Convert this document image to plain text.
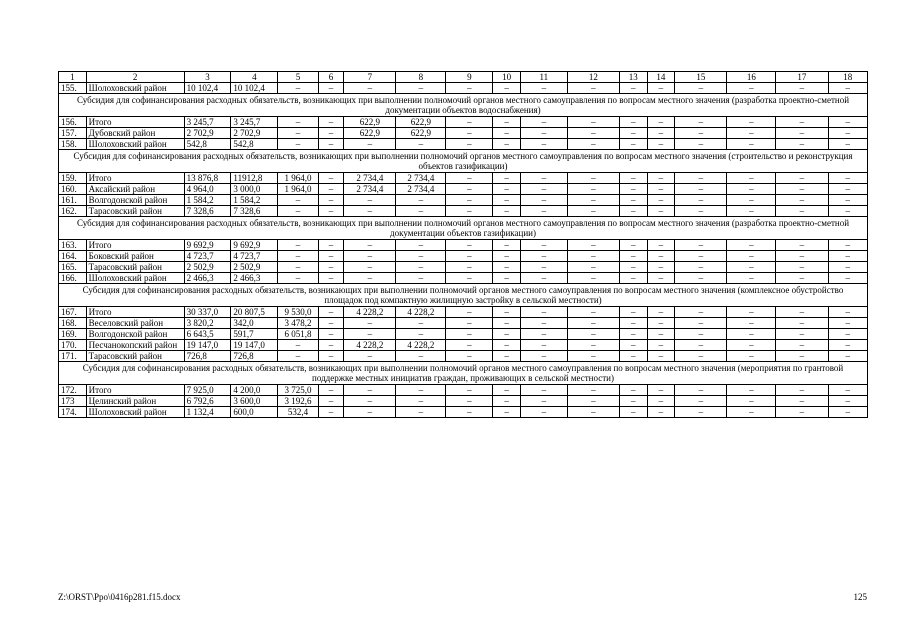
1	2	3	4	5	6	7	8	9	10	11	12	13	14	15	16	17	18
155.	Шолоховский район	10 102,4	10 102,4	–	–	–	–	–	–	–	–	–	–	–	–	–	–
Субсидия для софинансирования расходных обязательств, возникающих при выполнении полномочий органов местного самоуправления по вопросам местного значения (разработка проектно-сметной документации объектов водоснабжения)																	
156.	Итого	3 245,7	3 245,7	–	–	622,9	622,9	–	–	–	–	–	–	–	–	–	–
157.	Дубовский район	2 702,9	2 702,9	–	–	622,9	622,9	–	–	–	–	–	–	–	–	–	–
158.	Шолоховский район	542,8	542,8	–	–	–	–	–	–	–	–	–	–	–	–	–	–
Субсидия для софинансирования расходных обязательств, возникающих при выполнении полномочий органов местного самоуправления по вопросам местного значения (строительство и реконструкция объектов газификации)																	
159.	Итого	13 876,8	11912,8	1 964,0	–	2 734,4	2 734,4	–	–	–	–	–	–	–	–	–	–
160.	Аксайский район	4 964,0	3 000,0	1 964,0	–	2 734,4	2 734,4	–	–	–	–	–	–	–	–	–	–
161.	Волгодонской район	1 584,2	1 584,2	–	–	–	–	–	–	–	–	–	–	–	–	–	–
162.	Тарасовский район	7 328,6	7 328,6	–	–	–	–	–	–	–	–	–	–	–	–	–	–
Субсидия для софинансирования расходных обязательств, возникающих при выполнении полномочий органов местного самоуправления по вопросам местного значения (разработка проектно-сметной документации объектов газификации)																	
163.	Итого	9 692,9	9 692,9	–	–	–	–	–	–	–	–	–	–	–	–	–	–
164.	Боковский район	4 723,7	4 723,7	–	–	–	–	–	–	–	–	–	–	–	–	–	–
165.	Тарасовский район	2 502,9	2 502,9	–	–	–	–	–	–	–	–	–	–	–	–	–	–
166.	Шолоховский район	2 466,3	2 466,3	–	–	–	–	–	–	–	–	–	–	–	–	–	–
Субсидия для софинансирования расходных обязательств, возникающих при выполнении полномочий органов местного самоуправления по вопросам местного значения (комплексное обустройство площадок под компактную жилищную застройку в сельской местности)																	
167.	Итого	30 337,0	20 807,5	9 530,0	–	4 228,2	4 228,2	–	–	–	–	–	–	–	–	–	–
168.	Веселовский район	3 820,2	342,0	3 478,2	–	–	–	–	–	–	–	–	–	–	–	–	–
169.	Волгодонской район	6 643,5	591,7	6 051,8	–	–	–	–	–	–	–	–	–	–	–	–	–
170.	Песчанокопский район	19 147,0	19 147,0	–	–	4 228,2	4 228,2	–	–	–	–	–	–	–	–	–	–
171.	Тарасовский район	726,8	726,8	–	–	–	–	–	–	–	–	–	–	–	–	–	–
Субсидия для софинансирования расходных обязательств, возникающих при выполнении полномочий органов местного самоуправления по вопросам местного значения (мероприятия по грантовой поддержке местных инициатив граждан, проживающих в сельской местности)																	
172.	Итого	7 925,0	4 200,0	3 725,0	–	–	–	–	–	–	–	–	–	–	–	–	–
173	Целинский район	6 792,6	3 600,0	3 192,6	–	–	–	–	–	–	–	–	–	–	–	–	–
174.	Шолоховский район	1 132,4	600,0	532,4	–	–	–	–	–	–	–	–	–	–	–	–	–
Z:\ORST\Ppo\0416p281.f15.docx	125
